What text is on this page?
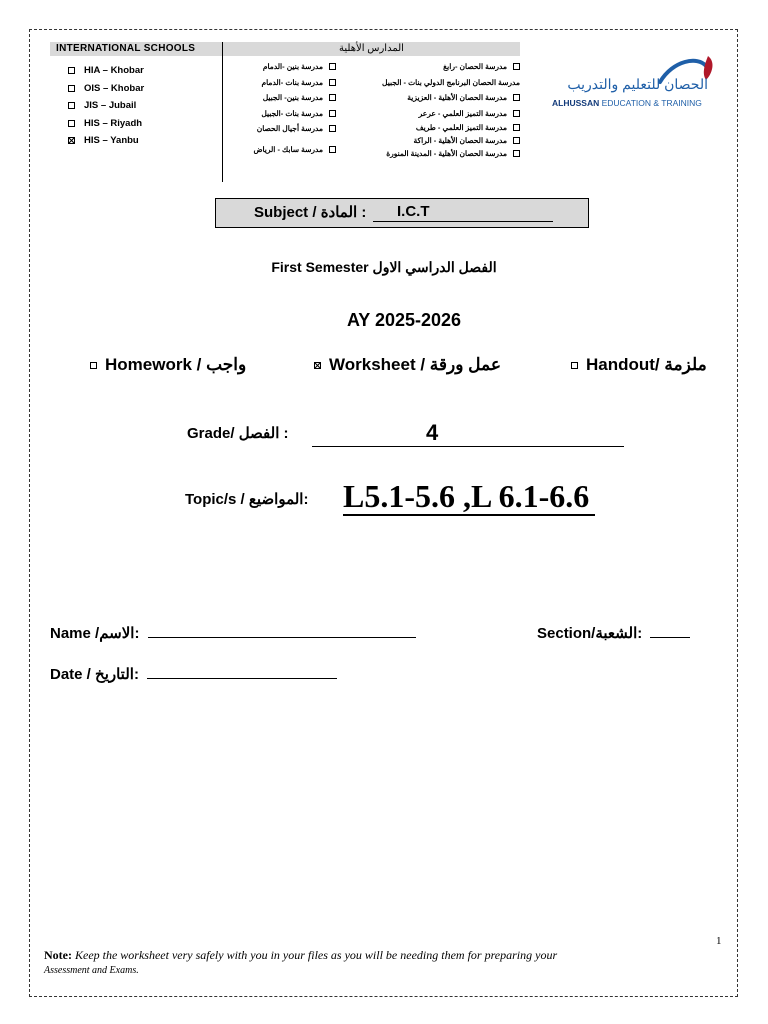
INTERNATIONAL SCHOOLS	المدارس الأهلية
HIA – Khobar
OIS – Khobar
JIS – Jubail
HIS – Riyadh
HIS – Yanbu
مدرسة بنين -الدمام
مدرسة بنات -الدمام
مدرسة بنين- الجبيل
مدرسة بنات -الجبيل
مدرسة أجيال الحصان
مدرسة سابك - الرياض
مدرسة الحصان -رابغ
مدرسة الحصان البرنامج الدولي بنات - الجبيل
مدرسة الحصان الأهلية - العزيزية
مدرسة التميز العلمي - عرعر
مدرسة التميز العلمي - طريف
مدرسة الحصان الأهلية - الراكة
مدرسة الحصان الأهلية - المدينة المنورة
الحصان للتعليم والتدريب
ALHUSSAN EDUCATION & TRAINING
Subject / المادة :	I.C.T
First Semester الفصل الدراسي الاول
AY 2025-2026
Homework / واجب	Worksheet / عمل ورقة	Handout/ ملزمة
Grade/ الفصل :	4
Topic/s / المواضيع: L5.1-5.6 ,L 6.1-6.6
Name /الاسم:	Section/الشعبة:
Date / التاريخ:
1
Note: Keep the worksheet very safely with you in your files as you will be needing them for preparing your
Assessment and Exams.
